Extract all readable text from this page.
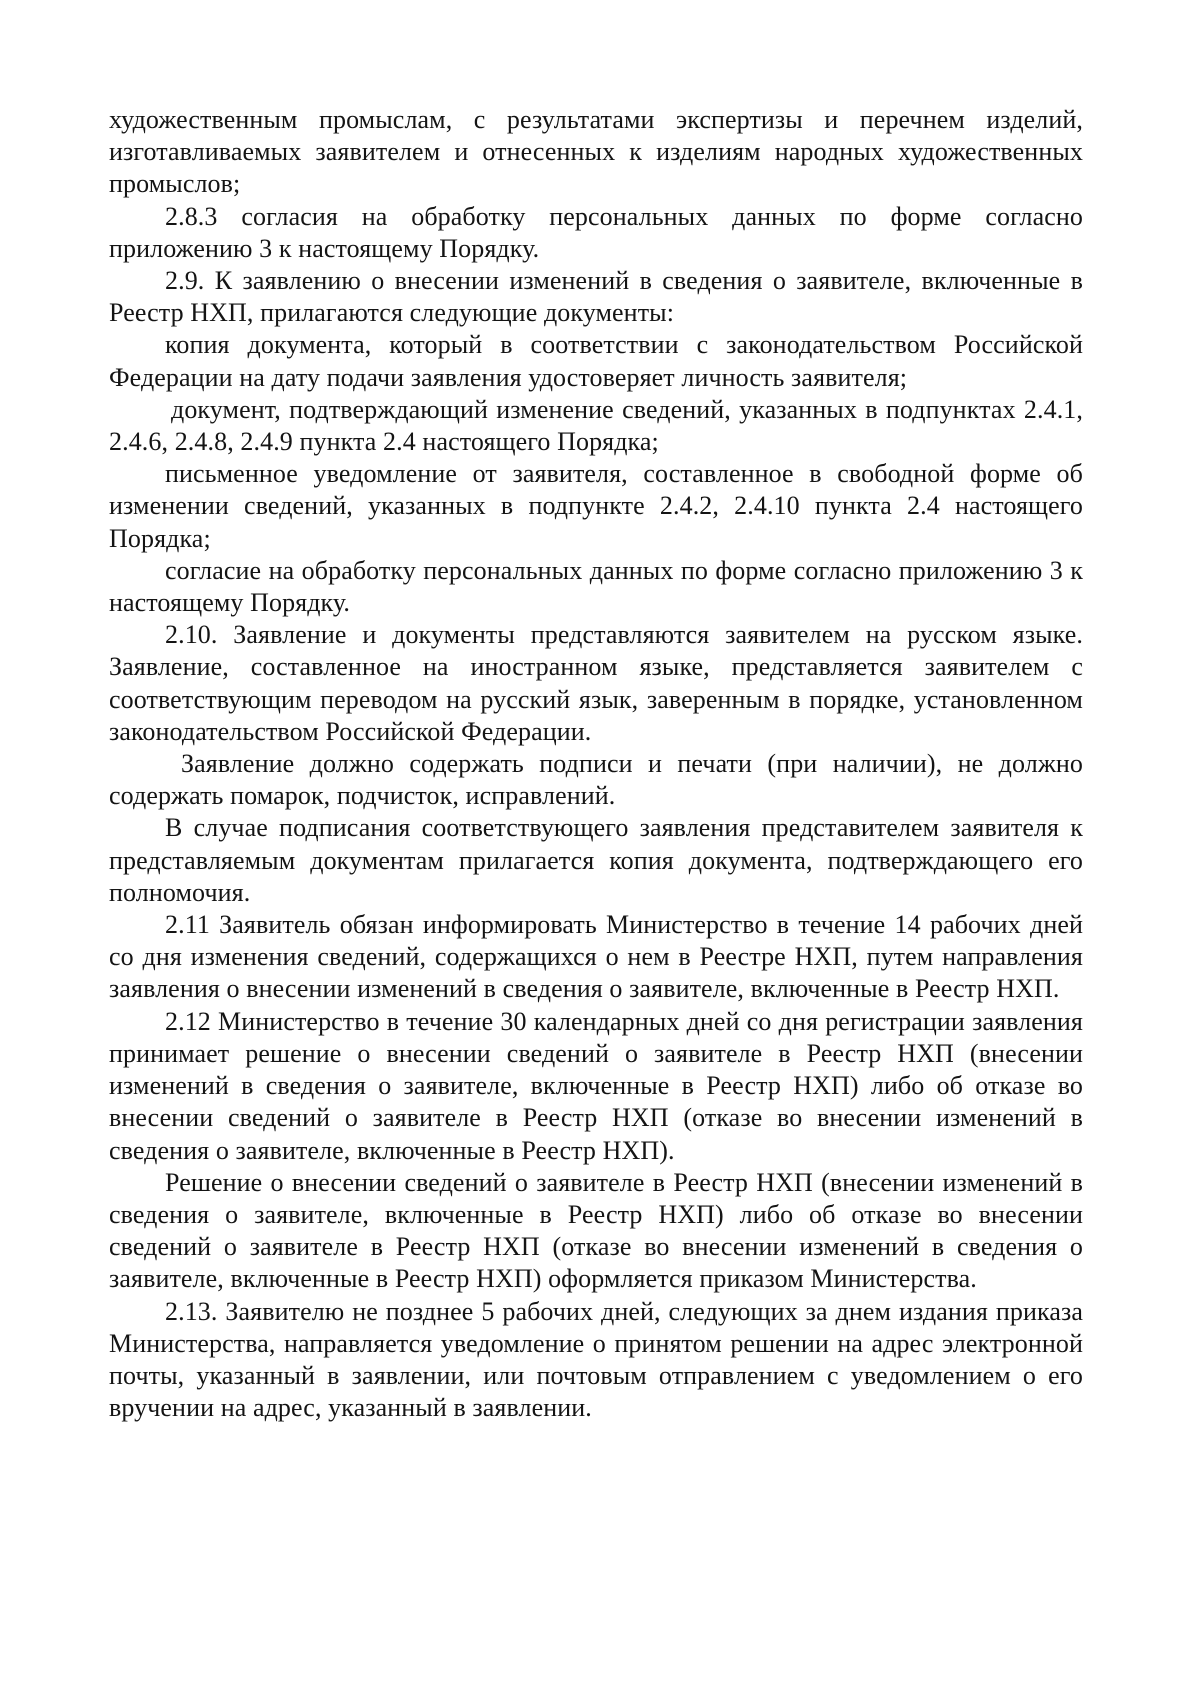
художественным промыслам, с результатами экспертизы и перечнем изделий, изготавливаемых заявителем и отнесенных к изделиям народных художественных промыслов;

2.8.3 согласия на обработку персональных данных по форме согласно приложению 3 к настоящему Порядку.

2.9. К заявлению о внесении изменений в сведения о заявителе, включенные в Реестр НХП, прилагаются следующие документы:

копия документа, который в соответствии с законодательством Российской Федерации на дату подачи заявления удостоверяет личность заявителя;

документ, подтверждающий изменение сведений, указанных в подпунктах 2.4.1, 2.4.6, 2.4.8, 2.4.9 пункта 2.4 настоящего Порядка;

письменное уведомление от заявителя, составленное в свободной форме об изменении сведений, указанных в подпункте 2.4.2, 2.4.10 пункта 2.4 настоящего Порядка;

согласие на обработку персональных данных по форме согласно приложению 3 к настоящему Порядку.

2.10. Заявление и документы представляются заявителем на русском языке. Заявление, составленное на иностранном языке, представляется заявителем с соответствующим переводом на русский язык, заверенным в порядке, установленном законодательством Российской Федерации.

Заявление должно содержать подписи и печати (при наличии), не должно содержать помарок, подчисток, исправлений.

В случае подписания соответствующего заявления представителем заявителя к представляемым документам прилагается копия документа, подтверждающего его полномочия.

2.11 Заявитель обязан информировать Министерство в течение 14 рабочих дней со дня изменения сведений, содержащихся о нем в Реестре НХП, путем направления заявления о внесении изменений в сведения о заявителе, включенные в Реестр НХП.

2.12 Министерство в течение 30 календарных дней со дня регистрации заявления принимает решение о внесении сведений о заявителе в Реестр НХП (внесении изменений в сведения о заявителе, включенные в Реестр НХП) либо об отказе во внесении сведений о заявителе в Реестр НХП (отказе во внесении изменений в сведения о заявителе, включенные в Реестр НХП).

Решение о внесении сведений о заявителе в Реестр НХП (внесении изменений в сведения о заявителе, включенные в Реестр НХП) либо об отказе во внесении сведений о заявителе в Реестр НХП (отказе во внесении изменений в сведения о заявителе, включенные в Реестр НХП) оформляется приказом Министерства.

2.13. Заявителю не позднее 5 рабочих дней, следующих за днем издания приказа Министерства, направляется уведомление о принятом решении на адрес электронной почты, указанный в заявлении, или почтовым отправлением с уведомлением о его вручении на адрес, указанный в заявлении.
